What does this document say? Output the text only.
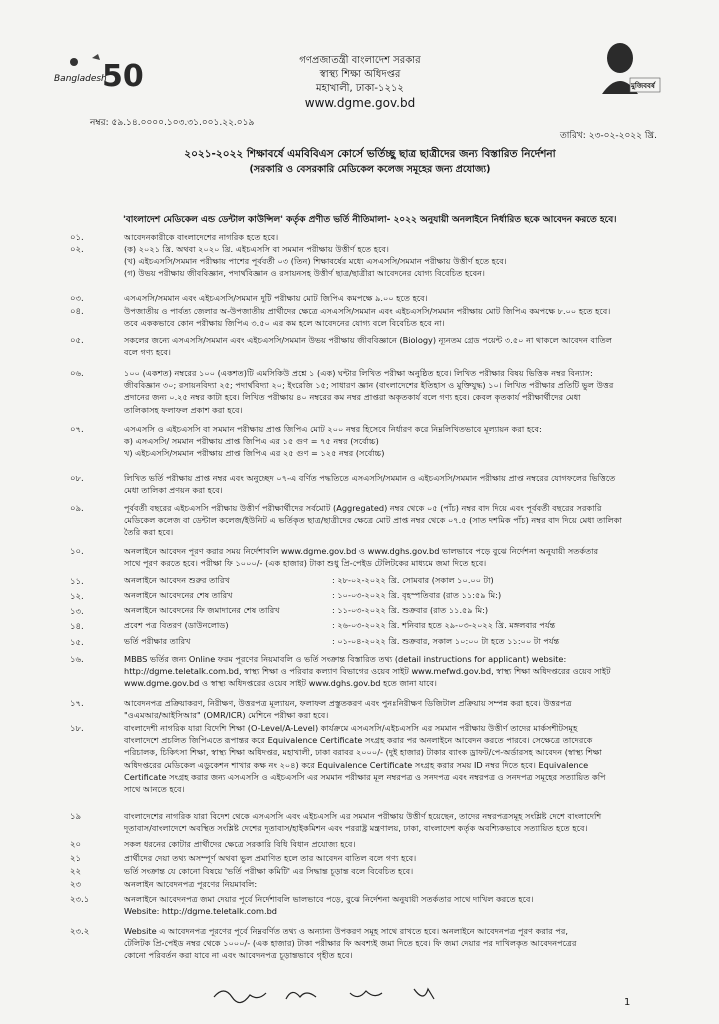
50
Bangladesh
গণপ্রজাতন্ত্রী বাংলাদেশ সরকার
স্বাস্থ্য শিক্ষা অধিদপ্তর
মহাখালী, ঢাকা-১২১২
www.dgme.gov.bd
মুজিববর্ষ
নম্বর: ৫৯.১৪.০০০০.১০৩.৩১.০০১.২২.০১৯
তারিখ: ২৩-০২-২০২২ খ্রি.
২০২১-২০২২ শিক্ষাবর্ষে এমবিবিএস কোর্সে ভর্তিচ্ছু ছাত্র ছাত্রীদের জন্য বিস্তারিত নির্দেশনা
(সরকারি ও বেসরকারি মেডিকেল কলেজ সমূহের জন্য প্রযোজ্য)
'বাংলাদেশ মেডিকেল এন্ড ডেন্টাল কাউন্সিল' কর্তৃক প্রণীত ভর্তি নীতিমালা- ২০২২ অনুযায়ী অনলাইনে নির্ধারিত ছকে আবেদন করতে হবে।
০১.	আবেদনকারীকে বাংলাদেশের নাগরিক হতে হবে।

০২.	(ক) ২০২১ খ্রি. অথবা ২০২০ খ্রি. এইচএসসি বা সমমান পরীক্ষায় উত্তীর্ণ হতে হবে।

(খ) এইচএসসি/সমমান পরীক্ষায় পাশের পূর্ববর্তী ০৩ (তিন) শিক্ষাবর্ষের মধ্যে এসএসসি/সমমান পরীক্ষায় উত্তীর্ণ হতে হবে।

(গ) উভয় পরীক্ষায় জীববিজ্ঞান, পদার্থবিজ্ঞান ও রসায়নসহ উত্তীর্ণ ছাত্র/ছাত্রীরা আবেদনের যোগ্য বিবেচিত হবেন।

০৩.	এসএসসি/সমমান এবং এইচএসসি/সমমান দুটি পরীক্ষায় মোট জিপিএ কমপক্ষে ৯.০০ হতে হবে।

০৪.	উপজাতীয় ও পার্বত্য জেলার অ-উপজাতীয় প্রার্থীদের ক্ষেত্রে এসএসসি/সমমান এবং এইচএসসি/সমমান পরীক্ষায় মোট জিপিএ কমপক্ষে ৮.০০ হতে হবে।

তবে এককভাবে কোন পরীক্ষায় জিপিএ ৩.৫০ এর কম হলে আবেদনের যোগ্য বলে বিবেচিত হবে না।

০৫.	সকলের জন্যে এসএসসি/সমমান এবং এইচএসসি/সমমান উভয় পরীক্ষায় জীববিজ্ঞানে (Biology) ন্যূনতম গ্রেড পয়েন্ট ৩.৫০ না থাকলে আবেদন বাতিল

বলে গণ্য হবে।

০৬.	১০০ (একশত) নম্বরের ১০০ (একশত)টি এমসিকিউ প্রশ্নে ১ (এক) ঘন্টার লিখিত পরীক্ষা অনুষ্ঠিত হবে। লিখিত পরীক্ষার বিষয় ভিত্তিক নম্বর বিন্যাস:

জীববিজ্ঞান ৩০; রসায়নবিদ্যা ২৫; পদার্থবিদ্যা ২০; ইংরেজি ১৫; সাধারণ জ্ঞান (বাংলাদেশের ইতিহাস ও মুক্তিযুদ্ধ) ১০। লিখিত পরীক্ষার প্রতিটি ভুল উত্তর

প্রদানের জন্য ০.২৫ নম্বর কাটা হবে। লিখিত পরীক্ষায় ৪০ নম্বরের কম নম্বর প্রাপ্তরা অকৃতকার্য বলে গণ্য হবে। কেবল কৃতকার্য পরীক্ষার্থীদের মেধা

তালিকাসহ ফলাফল প্রকাশ করা হবে।

০৭.	এসএসসি ও এইচএসসি বা সমমান পরীক্ষায় প্রাপ্ত জিপিএ মোট ২০০ নম্বর হিসেবে নির্ধারণ করে নিম্নলিখিতভাবে মূল্যায়ন করা হবে:

ক) এসএসসি/ সমমান পরীক্ষায় প্রাপ্ত জিপিএ এর ১৫ গুণ = ৭৫ নম্বর (সর্বোচ্চ)

খ) এইচএসসি/সমমান পরীক্ষায় প্রাপ্ত জিপিএ এর ২৫ গুণ = ১২৫ নম্বর (সর্বোচ্চ)

০৮.	লিখিত ভর্তি পরীক্ষায় প্রাপ্ত নম্বর এবং অনুচ্ছেদ ০৭-এ বর্ণিত পদ্ধতিতে এসএসসি/সমমান ও এইচএসসি/সমমান পরীক্ষায় প্রাপ্ত নম্বরের যোগফলের ভিত্তিতে

মেধা তালিকা প্রণয়ন করা হবে।

০৯.	পূর্ববর্তী বছরের এইচএসসি পরীক্ষায় উত্তীর্ণ পরীক্ষার্থীদের সর্বমোট (Aggregated) নম্বর থেকে ০৫ (পাঁচ) নম্বর বাদ দিয়ে এবং পূর্ববর্তী বছরের সরকারি

মেডিকেল কলেজ বা ডেন্টাল কলেজ/ইউনিট এ ভর্তিকৃত ছাত্র/ছাত্রীদের ক্ষেত্রে মোট প্রাপ্ত নম্বর থেকে ০৭.৫ (সাত দশমিক পাঁচ) নম্বর বাদ দিয়ে মেধা তালিকা

তৈরি করা হবে।

১০.	অনলাইনে আবেদন পূরণ করার সময় নির্দেশাবলি www.dgme.gov.bd ও www.dghs.gov.bd ভালভাবে পড়ে বুঝে নির্দেশনা অনুযায়ী সতর্কতার

সাথে পূরণ করতে হবে। পরীক্ষা ফি ১০০০/- (এক হাজার) টাকা শুধু প্রি-পেইড টেলিটকের মাধ্যমে জমা দিতে হবে।

১১.	অনলাইনে আবেদন শুরুর তারিখ	: ২৮-০২-২০২২ খ্রি. সোমবার (সকাল ১০.০০ টা)
১২.	অনলাইনে আবেদনের শেষ তারিখ	: ১০-০৩-২০২২ খ্রি. বৃহস্পতিবার (রাত ১১:৫৯ মি:)
১৩.	অনলাইনে আবেদনের ফি জমাদানের শেষ তারিখ	: ১১-০৩-২০২২ খ্রি. শুক্রবার (রাত ১১.৫৯ মি:)
১৪.	প্রবেশ পত্র বিতরণ (ডাউনলোড)	: ২৬-০৩-২০২২ খ্রি. শনিবার হতে ২৯-০৩-২০২২ খ্রি. মঙ্গলবার পর্যন্ত
১৫.	ভর্তি পরীক্ষার তারিখ	: ০১-০৪-২০২২ খ্রি. শুক্রবার, সকাল ১০:০০ টা হতে ১১:০০ টা পর্যন্ত
১৬.	MBBS ভর্তির জন্য Online ফরম পূরণের নিয়মাবলি ও ভর্তি সংক্রান্ত বিস্তারিত তথ্য (detail instructions for applicant) website:

http://dgme.teletalk.com.bd, স্বাস্থ্য শিক্ষা ও পরিবার কল্যাণ বিভাগের ওয়েব সাইট www.mefwd.gov.bd, স্বাস্থ্য শিক্ষা অধিদপ্তরের ওয়েব সাইট

www.dgme.gov.bd ও স্বাস্থ্য অধিদপ্তরের ওয়েব সাইট www.dghs.gov.bd হতে জানা যাবে।

১৭.	আবেদনপত্র প্রক্রিয়াকরণ, নিরীক্ষণ, উত্তরপত্র মূল্যায়ন, ফলাফল প্রস্তুতকরণ এবং পুনঃনিরীক্ষণ ডিজিটাল প্রক্রিয়ায় সম্পন্ন করা হবে। উত্তরপত্র

"ওএমআর/আইসিআর" (OMR/ICR) মেশিনে পরীক্ষা করা হবে।

১৮.	বাংলাদেশী নাগরিক যারা বিদেশি শিক্ষা (O-Level/A-Level) কার্যক্রমে এসএসসি/এইচএসসি এর সমমান পরীক্ষায় উত্তীর্ণ তাদের মার্কসশীটসমূহ

বাংলাদেশে প্রচলিত জিপিএতে রূপান্তর করে Equivalence Certificate সংগ্রহ করার পর অনলাইনে আবেদন করতে পারবে। সেক্ষেত্রে তাদেরকে

পরিচালক, চিকিৎসা শিক্ষা, স্বাস্থ্য শিক্ষা অধিদপ্তর, মহাখালী, ঢাকা বরাবর ২০০০/- (দুই হাজার) টাকার ব্যাংক ড্রাফট/পে-অর্ডারসহ আবেদন (স্বাস্থ্য শিক্ষা

অধিদপ্তরের মেডিকেল এডুকেশন শাখার কক্ষ নং ২০৪) করে Equivalence Certificate সংগ্রহ করার সময় ID নম্বর দিতে হবে। Equivalence

Certificate সংগ্রহ করার জন্য এসএসসি ও এইচএসসি এর সমমান পরীক্ষার মূল নম্বরপত্র ও সনদপত্র এবং নম্বরপত্র ও সনদপত্র সমূহের সত্যায়িত কপি

সাথে আনতে হবে।

১৯	বাংলাদেশের নাগরিক যারা বিদেশ থেকে এসএসসি এবং এইচএসসি এর সমমান পরীক্ষায় উত্তীর্ণ হয়েছেন, তাদের নম্বরপত্রসমূহ সংশ্লিষ্ট দেশে বাংলাদেশি

দূতাবাস/বাংলাদেশে অবস্থিত সংশ্লিষ্ট দেশের দূতাবাস/হাইকমিশন এবং পররাষ্ট্র মন্ত্রণালয়, ঢাকা, বাংলাদেশ কর্তৃক অবশ্যিকভাবে সত্যায়িত হতে হবে।

২০	সকল ধরনের কোটার প্রার্থীদের ক্ষেত্রে সরকারি বিধি বিধান প্রযোজ্য হবে।

২১	প্রার্থীদের দেয়া তথ্য অসম্পূর্ণ অথবা ভুল প্রমাণিত হলে তার আবেদন বাতিল বলে গণ্য হবে।

২২	ভর্তি সংক্রান্ত যে কোনো বিষয়ে 'ভর্তি পরীক্ষা কমিটি' এর সিদ্ধান্ত চূড়ান্ত বলে বিবেচিত হবে।

২৩	অনলাইন আবেদনপত্র পূরণের নিয়মাবলি:

২৩.১	অনলাইনে আবেদনপত্র জমা দেয়ার পূর্বে নির্দেশাবলি ভালভাবে পড়ে, বুঝে নির্দেশনা অনুযায়ী সতর্কতার সাথে দাখিল করতে হবে।

Website: http://dgme.teletalk.com.bd

২৩.২	Website এ আবেদনপত্র পূরণের পূর্বে নিম্নবর্ণিত তথ্য ও অন্যান্য উপকরণ সমূহ সাথে রাখতে হবে। অনলাইনে আবেদনপত্র পূরণ করার পর,

টেলিটক প্রি-পেইড নম্বর থেকে ১০০০/- (এক হাজার) টাকা পরীক্ষার ফি অবশ্যই জমা দিতে হবে। ফি জমা দেয়ার পর দাখিলকৃত আবেদনপত্রের

কোনো পরিবর্তন করা যাবে না এবং আবেদনপত্র চূড়ান্তভাবে গৃহীত হবে।

1
